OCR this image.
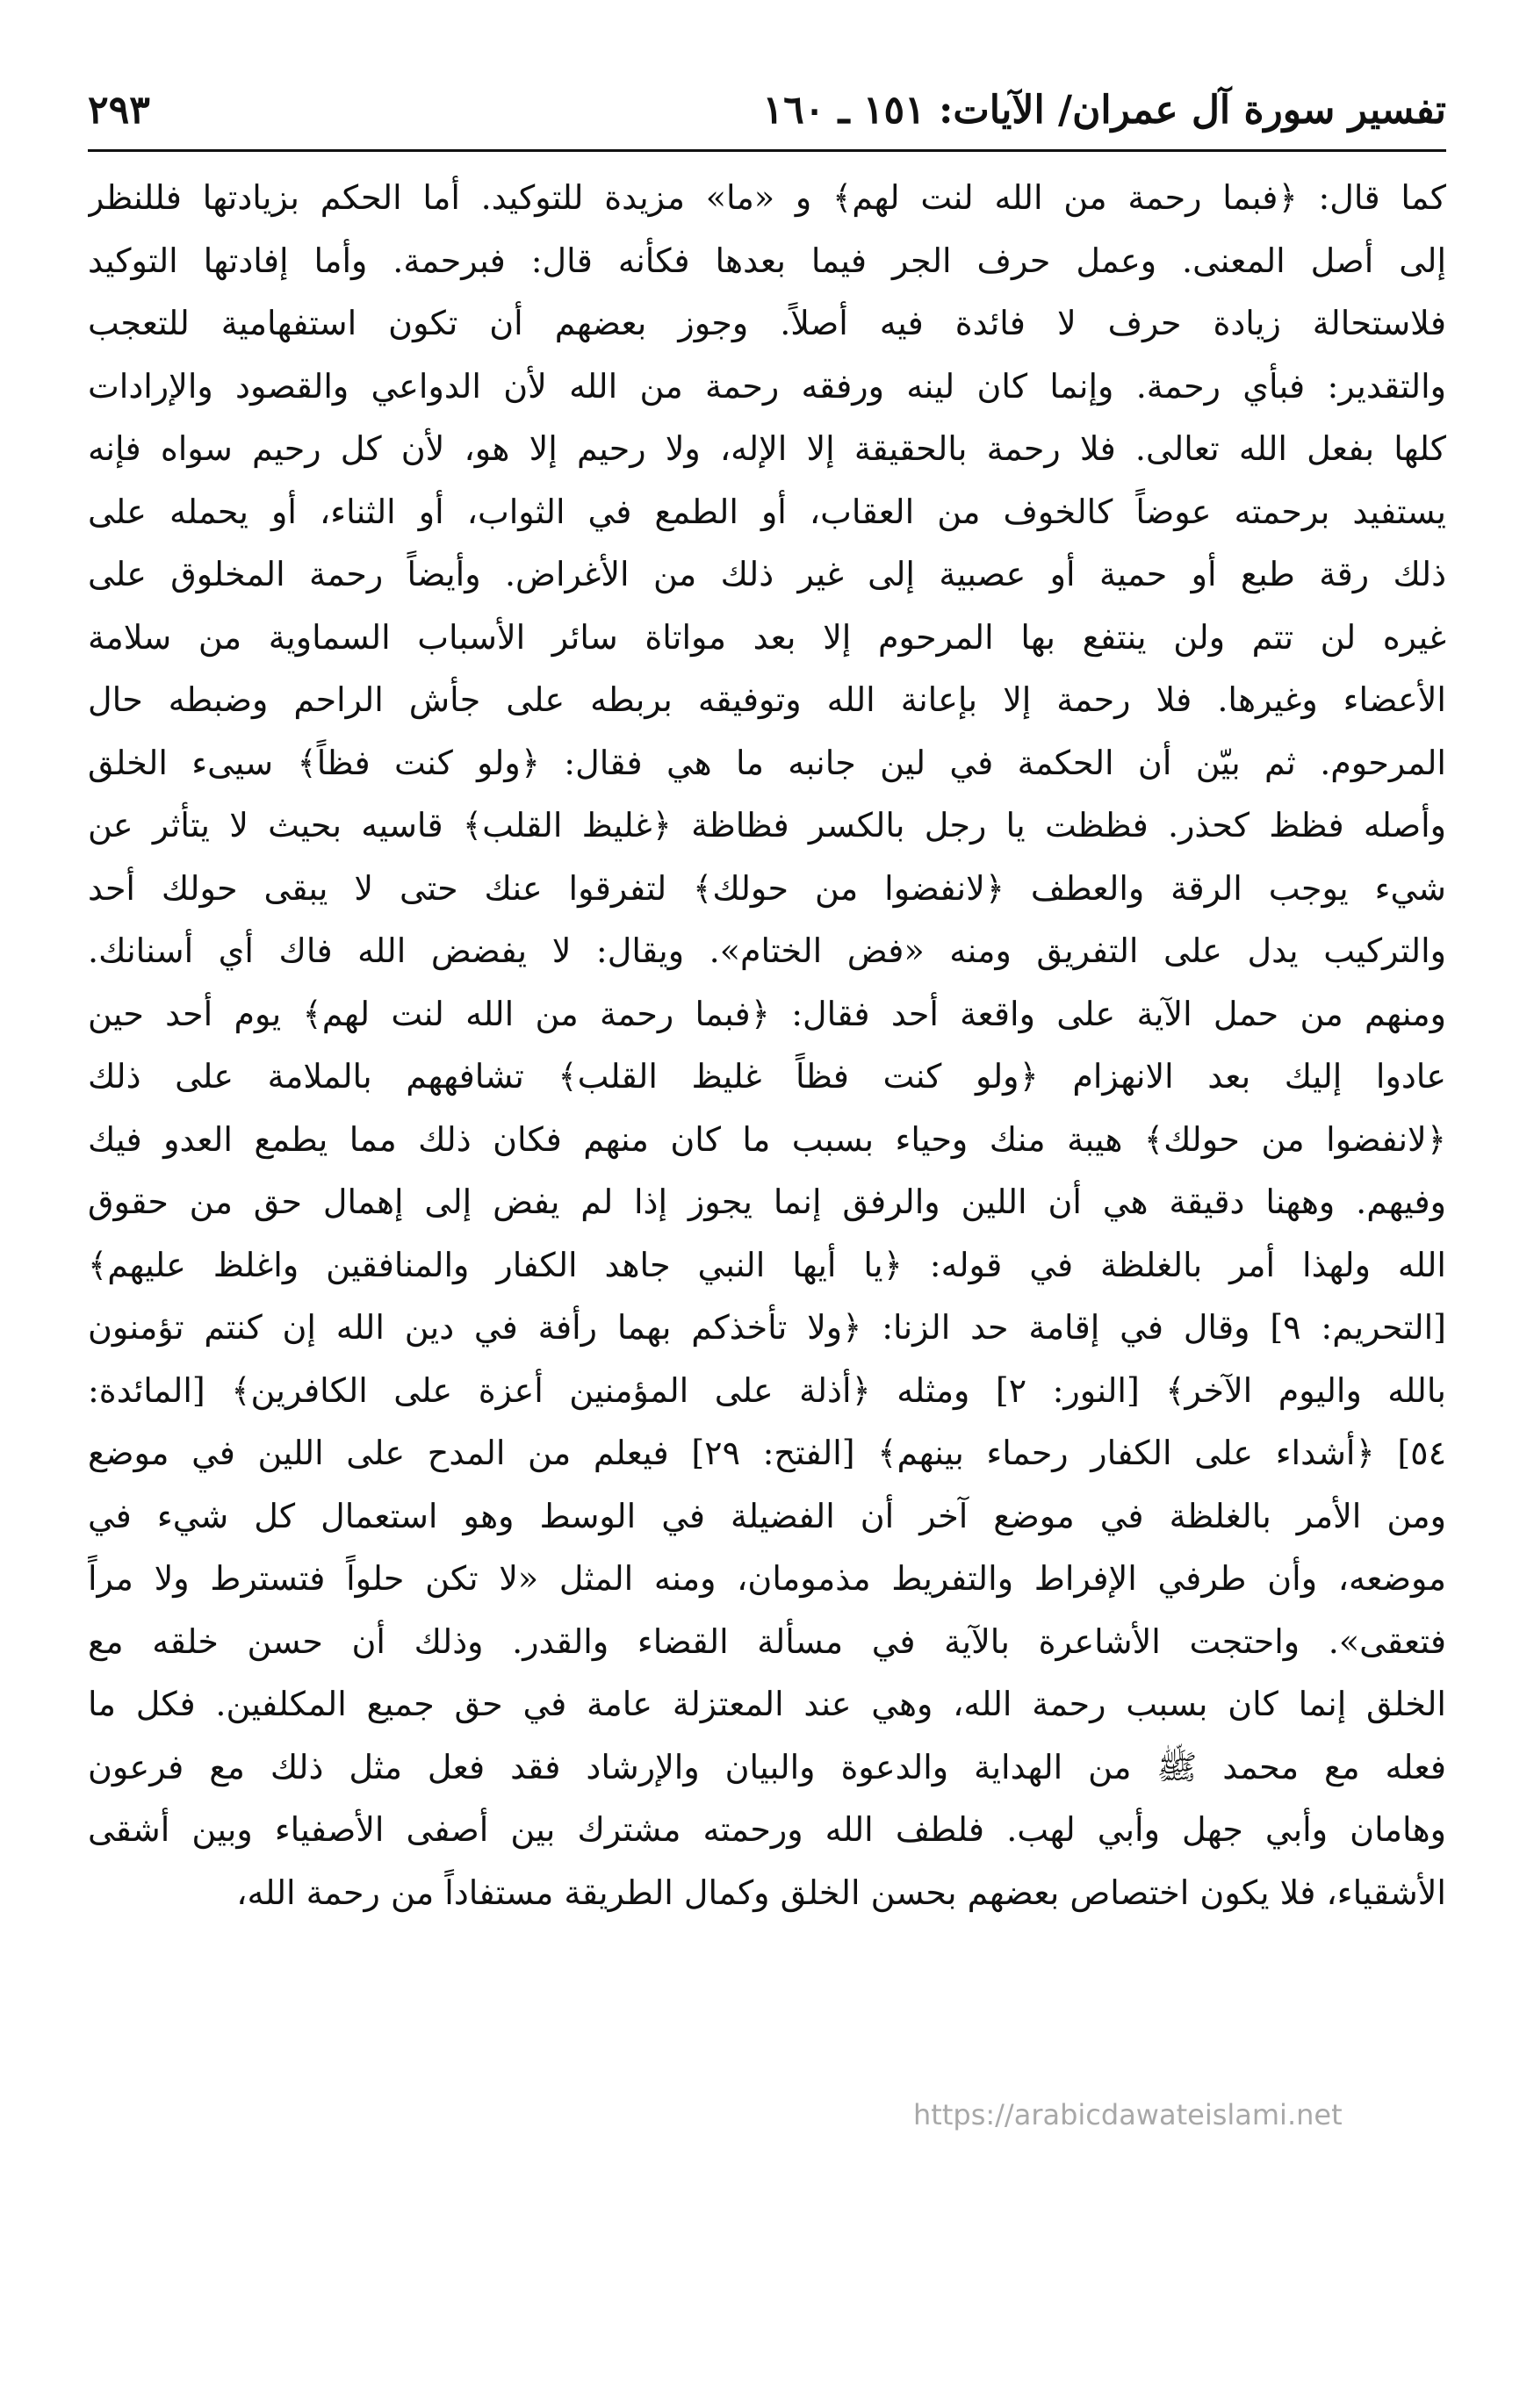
تفسير سورة آل عمران/ الآيات: ١٥١ ـ ١٦٠
٢٩٣
كما قال: ﴿فبما رحمة من الله لنت لهم﴾ و «ما» مزيدة للتوكيد. أما الحكم بزيادتها فللنظر
إلى أصل المعنى. وعمل حرف الجر فيما بعدها فكأنه قال: فبرحمة. وأما إفادتها التوكيد
فلاستحالة زيادة حرف لا فائدة فيه أصلاً. وجوز بعضهم أن تكون استفهامية للتعجب
والتقدير: فبأي رحمة. وإنما كان لينه ورفقه رحمة من الله لأن الدواعي والقصود والإرادات
كلها بفعل الله تعالى. فلا رحمة بالحقيقة إلا الإله، ولا رحيم إلا هو، لأن كل رحيم سواه فإنه
يستفيد برحمته عوضاً كالخوف من العقاب، أو الطمع في الثواب، أو الثناء، أو يحمله على
ذلك رقة طبع أو حمية أو عصبية إلى غير ذلك من الأغراض. وأيضاً رحمة المخلوق على
غيره لن تتم ولن ينتفع بها المرحوم إلا بعد مواتاة سائر الأسباب السماوية من سلامة
الأعضاء وغيرها. فلا رحمة إلا بإعانة الله وتوفيقه بربطه على جأش الراحم وضبطه حال
المرحوم. ثم بيّن أن الحكمة في لين جانبه ما هي فقال: ﴿ولو كنت فظاً﴾ سيىء الخلق
وأصله فظظ كحذر. فظظت يا رجل بالكسر فظاظة ﴿غليظ القلب﴾ قاسيه بحيث لا يتأثر عن
شيء يوجب الرقة والعطف ﴿لانفضوا من حولك﴾ لتفرقوا عنك حتى لا يبقى حولك أحد
والتركيب يدل على التفريق ومنه «فض الختام». ويقال: لا يفضض الله فاك أي أسنانك.
ومنهم من حمل الآية على واقعة أحد فقال: ﴿فبما رحمة من الله لنت لهم﴾ يوم أحد حين
عادوا إليك بعد الانهزام ﴿ولو كنت فظاً غليظ القلب﴾ تشافههم بالملامة على ذلك
﴿لانفضوا من حولك﴾ هيبة منك وحياء بسبب ما كان منهم فكان ذلك مما يطمع العدو فيك
وفيهم. وههنا دقيقة هي أن اللين والرفق إنما يجوز إذا لم يفض إلى إهمال حق من حقوق
الله ولهذا أمر بالغلظة في قوله: ﴿يا أيها النبي جاهد الكفار والمنافقين واغلظ عليهم﴾
[التحريم: ٩] وقال في إقامة حد الزنا: ﴿ولا تأخذكم بهما رأفة في دين الله إن كنتم تؤمنون
بالله واليوم الآخر﴾ [النور: ٢] ومثله ﴿أذلة على المؤمنين أعزة على الكافرين﴾ [المائدة:
٥٤] ﴿أشداء على الكفار رحماء بينهم﴾ [الفتح: ٢٩] فيعلم من المدح على اللين في موضع
ومن الأمر بالغلظة في موضع آخر أن الفضيلة في الوسط وهو استعمال كل شيء في
موضعه، وأن طرفي الإفراط والتفريط مذمومان، ومنه المثل «لا تكن حلواً فتسترط ولا مراً
فتعقى». واحتجت الأشاعرة بالآية في مسألة القضاء والقدر. وذلك أن حسن خلقه مع
الخلق إنما كان بسبب رحمة الله، وهي عند المعتزلة عامة في حق جميع المكلفين. فكل ما
فعله مع محمد ﷺ من الهداية والدعوة والبيان والإرشاد فقد فعل مثل ذلك مع فرعون
وهامان وأبي جهل وأبي لهب. فلطف الله ورحمته مشترك بين أصفى الأصفياء وبين أشقى
الأشقياء، فلا يكون اختصاص بعضهم بحسن الخلق وكمال الطريقة مستفاداً من رحمة الله،
https://arabicdawateislami.net
